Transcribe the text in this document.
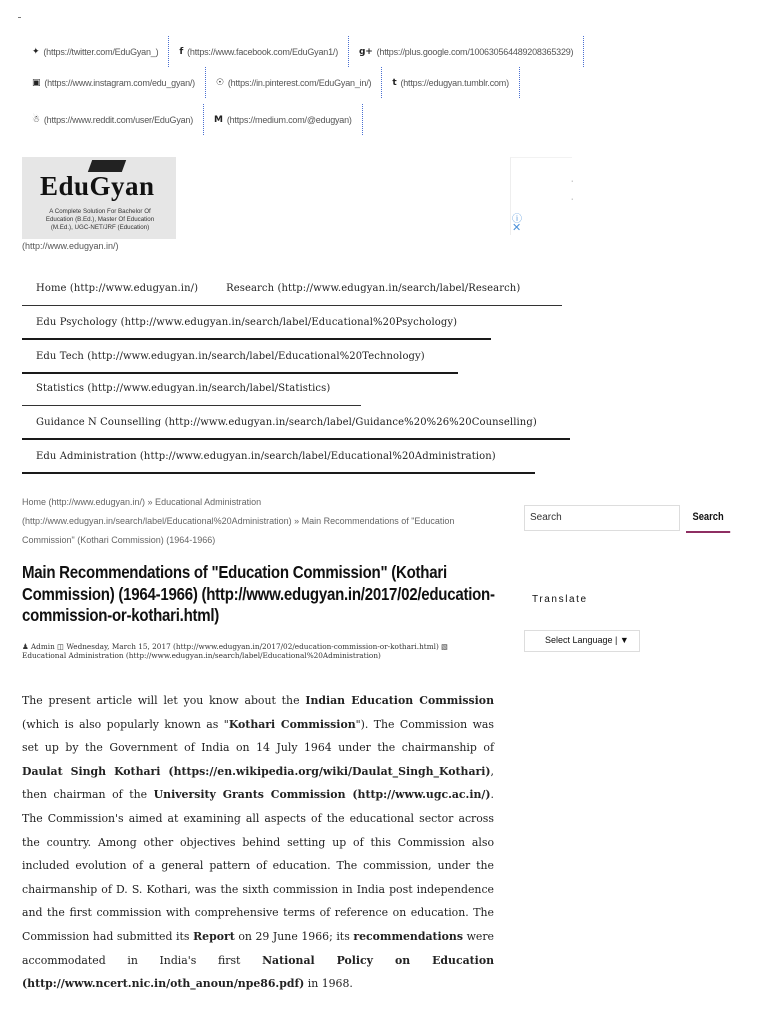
✦ (https://twitter.com/EduGyan_) f (https://www.facebook.com/EduGyan1/) g+ (https://plus.google.com/100630564489208365329)
▣ (https://www.instagram.com/edu_gyan/) ☉ (https://in.pinterest.com/EduGyan_in/) t (https://edugyan.tumblr.com)
☃ (https://www.reddit.com/user/EduGyan) M (https://medium.com/@edugyan)
EduGyan
A Complete Solution For Bachelor Of Education (B.Ed.), Master Of Education (M.Ed.), UGC-NET/JRF (Education)
(http://www.edugyan.in/)
·
·
ⓘ
✕
Home (http://www.edugyan.in/)	Research (http://www.edugyan.in/search/label/Research)
Edu Psychology (http://www.edugyan.in/search/label/Educational%20Psychology)
Edu Tech (http://www.edugyan.in/search/label/Educational%20Technology)
Statistics (http://www.edugyan.in/search/label/Statistics)
Guidance N Counselling (http://www.edugyan.in/search/label/Guidance%20%26%20Counselling)
Edu Administration (http://www.edugyan.in/search/label/Educational%20Administration)
Home (http://www.edugyan.in/) » Educational Administration (http://www.edugyan.in/search/label/Educational%20Administration) » Main Recommendations of "Education Commission" (Kothari Commission) (1964-1966)
Main Recommendations of "Education Commission" (Kothari Commission) (1964-1966) (http://www.edugyan.in/2017/02/education-commission-or-kothari.html)
♟ Admin ◫ Wednesday, March 15, 2017 (http://www.edugyan.in/2017/02/education-commission-or-kothari.html) ▧ Educational Administration (http://www.edugyan.in/search/label/Educational%20Administration)
The present article will let you know about the Indian Education Commission (which is also popularly known as "Kothari Commission"). The Commission was set up by the Government of India on 14 July 1964 under the chairmanship of Daulat Singh Kothari (https://en.wikipedia.org/wiki/Daulat_Singh_Kothari), then chairman of the University Grants Commission (http://www.ugc.ac.in/). The Commission's aimed at examining all aspects of the educational sector across the country. Among other objectives behind setting up of this Commission also included evolution of a general pattern of education. The commission, under the chairmanship of D. S. Kothari, was the sixth commission in India post independence and the first commission with comprehensive terms of reference on education. The Commission had submitted its Report on 29 June 1966; its recommendations were accommodated in India's first National Policy on Education (http://www.ncert.nic.in/oth_anoun/npe86.pdf) in 1968.
Search	Search
Translate
Select Language | ▼
